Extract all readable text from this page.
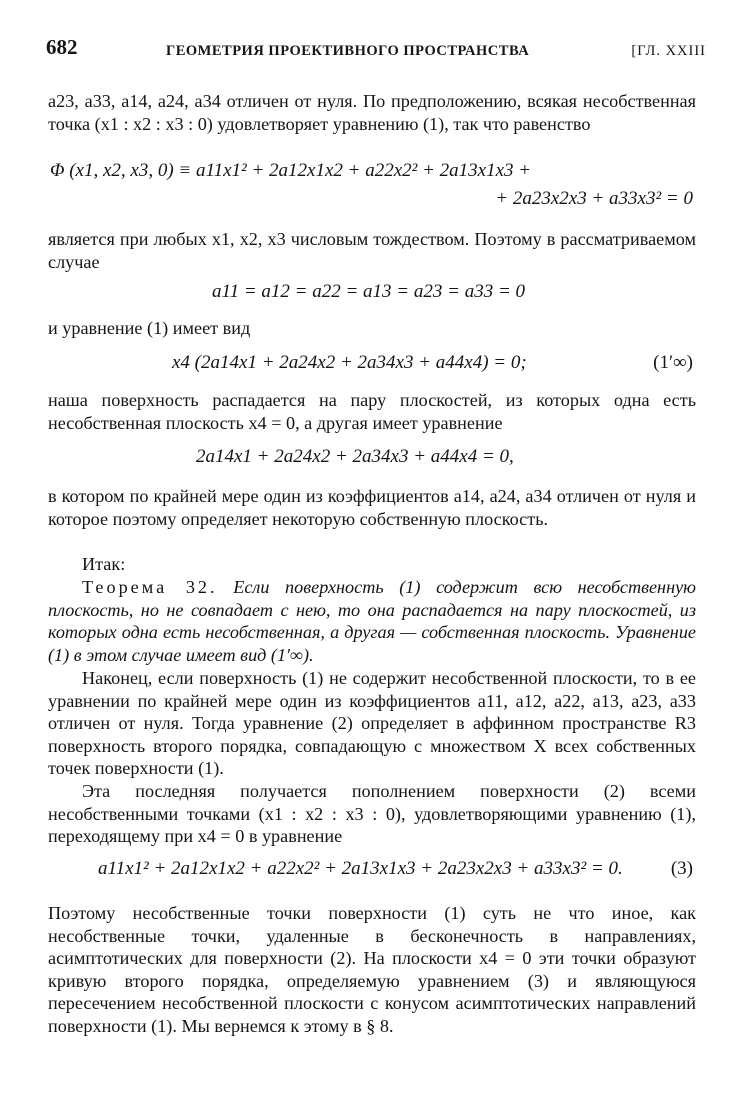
682	ГЕОМЕТРИЯ ПРОЕКТИВНОГО ПРОСТРАНСТВА	[ГЛ. XXIII

a23, a33, a14, a24, a34 отличен от нуля. По предположению, всякая несобственная точка (x1 : x2 : x3 : 0) удовлетворяет уравнению (1), так что равенство

Φ (x1, x2, x3, 0) ≡ a11x1² + 2a12x1x2 + a22x2² + 2a13x1x3 +
+ 2a23x2x3 + a33x3² = 0

является при любых x1, x2, x3 числовым тождеством. Поэтому в рассматриваемом случае

a11 = a12 = a22 = a13 = a23 = a33 = 0

и уравнение (1) имеет вид

x4 (2a14x1 + 2a24x2 + 2a34x3 + a44x4) = 0;	(1′∞)

наша поверхность распадается на пару плоскостей, из которых одна есть несобственная плоскость x4 = 0, а другая имеет уравнение

2a14x1 + 2a24x2 + 2a34x3 + a44x4 = 0,

в котором по крайней мере один из коэффициентов a14, a24, a34 отличен от нуля и которое поэтому определяет некоторую собственную плоскость.

Итак:

Теорема 32. Если поверхность (1) содержит всю несобственную плоскость, но не совпадает с нею, то она распадается на пару плоскостей, из которых одна есть несобственная, а другая — собственная плоскость. Уравнение (1) в этом случае имеет вид (1′∞).

Наконец, если поверхность (1) не содержит несобственной плоскости, то в ее уравнении по крайней мере один из коэффициентов a11, a12, a22, a13, a23, a33 отличен от нуля. Тогда уравнение (2) определяет в аффинном пространстве R3 поверхность второго порядка, совпадающую с множеством X всех собственных точек поверхности (1).

Эта последняя получается пополнением поверхности (2) всеми несобственными точками (x1 : x2 : x3 : 0), удовлетворяющими уравнению (1), переходящему при x4 = 0 в уравнение

a11x1² + 2a12x1x2 + a22x2² + 2a13x1x3 + 2a23x2x3 + a33x3² = 0.	(3)

Поэтому несобственные точки поверхности (1) суть не что иное, как несобственные точки, удаленные в бесконечность в направлениях, асимптотических для поверхности (2). На плоскости x4 = 0 эти точки образуют кривую второго порядка, определяемую уравнением (3) и являющуюся пересечением несобственной плоскости с конусом асимптотических направлений поверхности (1). Мы вернемся к этому в § 8.
